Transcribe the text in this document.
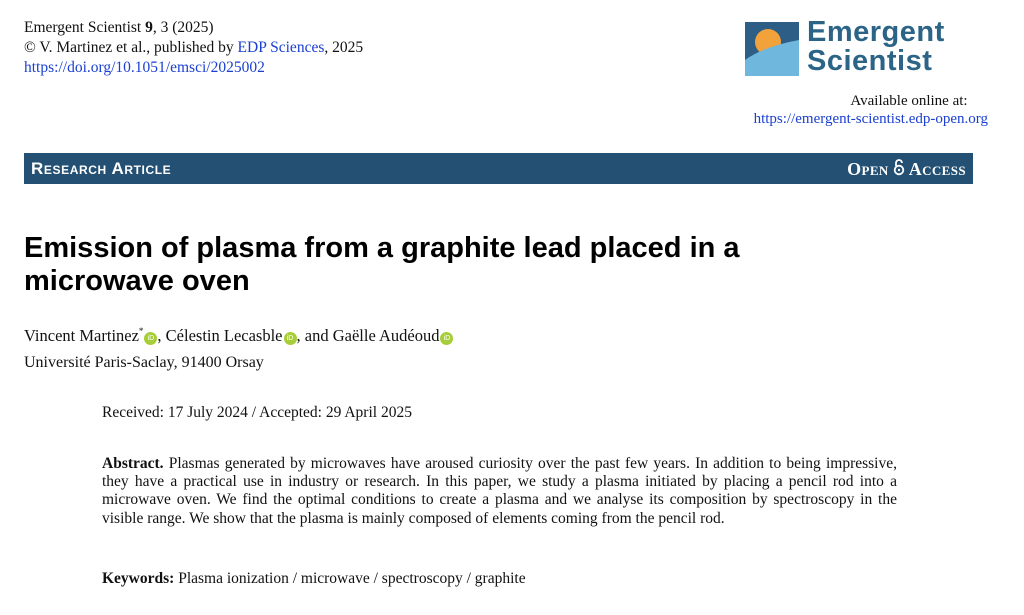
Emergent Scientist 9, 3 (2025)
© V. Martinez et al., published by EDP Sciences, 2025
https://doi.org/10.1051/emsci/2025002
Emergent
Scientist
Available online at:
https://emergent-scientist.edp-open.org
Research Article	Open Access
Emission of plasma from a graphite lead placed in a microwave oven
Vincent Martinez*iD , Célestin Lecasble iD , and Gaëlle Audéoud iD
Université Paris-Saclay, 91400 Orsay
Received: 17 July 2024 / Accepted: 29 April 2025
Abstract. Plasmas generated by microwaves have aroused curiosity over the past few years. In addition to being impressive, they have a practical use in industry or research. In this paper, we study a plasma initiated by placing a pencil rod into a microwave oven. We find the optimal conditions to create a plasma and we analyse its composition by spectroscopy in the visible range. We show that the plasma is mainly composed of elements coming from the pencil rod.
Keywords: Plasma ionization / microwave / spectroscopy / graphite
